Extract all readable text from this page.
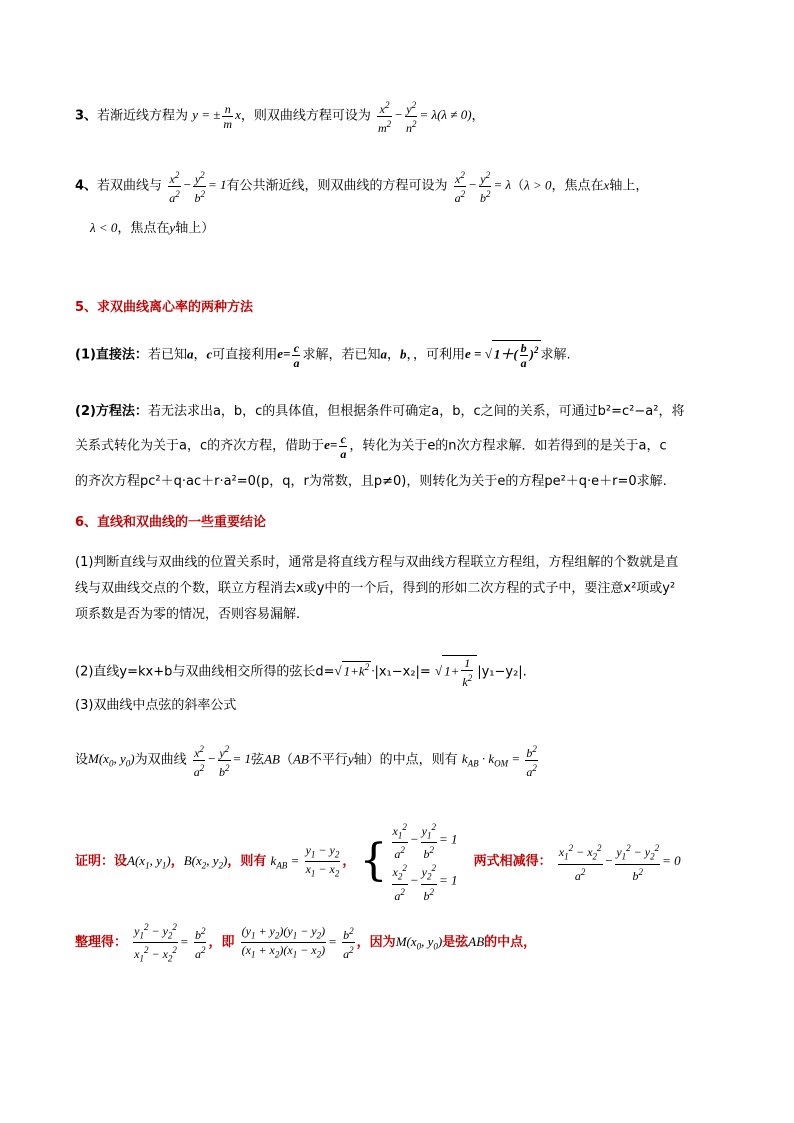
3、若渐近线方程为 y = ± $\frac{n}{m}$ x，则双曲线方程可设为 $\frac{x^2}{m^2} - \frac{y^2}{n^2} = \lambda(\lambda \ne 0)$，
4、若双曲线与 $\frac{x^2}{a^2} - \frac{y^2}{b^2} = 1$有公共渐近线，则双曲线的方程可设为 $\frac{x^2}{a^2} - \frac{y^2}{b^2} = \lambda(\lambda > 0$，焦点在x轴上，
λ < 0，焦点在y轴上）
5、求双曲线离心率的两种方法
(1)直接法：若已知a，c可直接利用$e= \frac{c}{a}$ 求解，若已知a，b，，可利用e = √ $1+( \frac{b}{a} )^2$ 求解.
(2)方程法：若无法求出a，b，c的具体值，但根据条件可确定a，b，c之间的关系，可通过b²=c²−a²，将
关系式转化为关于a，c的齐次方程，借助于$e= \frac{c}{a}$ ，转化为关于e的n次方程求解．如若得到的是关于a，c
的齐次方程pc²＋q·ac＋r·a²=0(p，q，r为常数，且p≠0)，则转化为关于e的方程pe²＋q·e＋r=0求解.
6、直线和双曲线的一些重要结论
(1)判断直线与双曲线的位置关系时，通常是将直线方程与双曲线方程联立方程组，方程组解的个数就是直
线与双曲线交点的个数，联立方程消去x或y中的一个后，得到的形如二次方程的式子中，要注意x²项或y²
项系数是否为零的情况，否则容易漏解.
(2)直线y=kx+b与双曲线相交所得的弦长d=√ $1+k^2 \cdot|x_1-x_2|=$ √ $1+ \frac{1}{k^2} |y_1-y_2|$.
(3)双曲线中点弦的斜率公式
设$M(x_0$, $y_0$)为双曲线 $\frac{x^2}{a^2} - \frac{y^2}{b^2} = 1$弦AB（AB不平行y轴）的中点，则有 $k_{AB} \cdot k_{OM} = \frac{b^2}{a^2}$
证明：设$A(x_1$, $y_1$)，$B(x_2$, $y_2$)，则有 $k_{AB} = \frac{y_1 - y_2}{x_1 - x_2}$ ， { $\frac{x_1^2}{a^2} - \frac{y_1^2}{b^2} = 1$
$\frac{x_2^2}{a^2} - \frac{y_2^2}{b^2} = 1$
两式相减得： $\frac{x_1^2 - x_2^2}{a^2} - \frac{y_1^2 - y_2^2}{b^2} = 0$
整理得： $\frac{y_1^2 - y_2^2}{x_1^2 - x_2^2} = \frac{b^2}{a^2}$ ，即 $\frac{(y_1 + y_2)(y_1 - y_2)}{(x_1 + x_2)(x_1 - x_2)} = \frac{b^2}{a^2}$ ，因为$M(x_0$, $y_0$)是弦AB的中点，
